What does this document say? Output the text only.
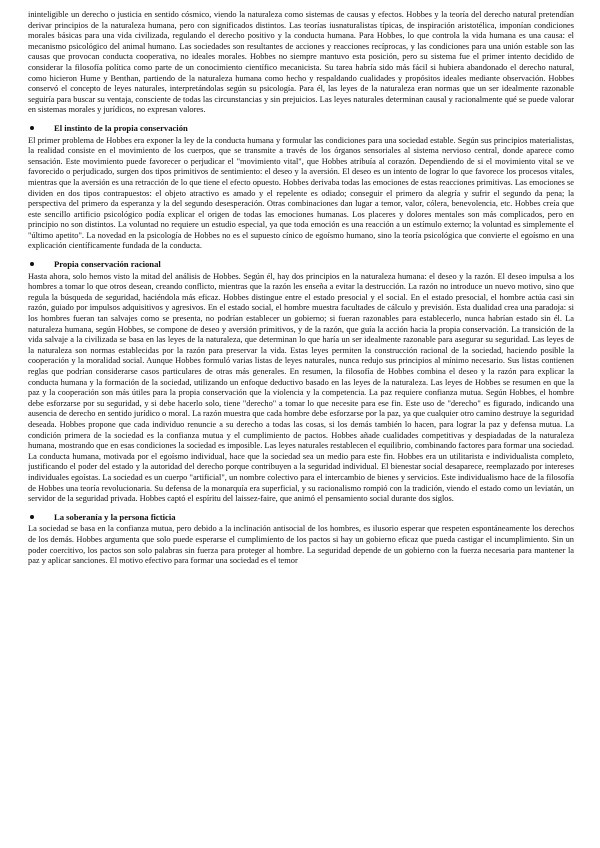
ininteligible un derecho o justicia en sentido cósmico, viendo la naturaleza como sistemas de causas y efectos. Hobbes y la teoría del derecho natural pretendían derivar principios de la naturaleza humana, pero con significados distintos. Las teorías iusnaturalistas típicas, de inspiración aristotélica, imponían condiciones morales básicas para una vida civilizada, regulando el derecho positivo y la conducta humana. Para Hobbes, lo que controla la vida humana es una causa: el mecanismo psicológico del animal humano. Las sociedades son resultantes de acciones y reacciones recíprocas, y las condiciones para una unión estable son las causas que provocan conducta cooperativa, no ideales morales. Hobbes no siempre mantuvo esta posición, pero su sistema fue el primer intento decidido de considerar la filosofía política como parte de un conocimiento científico mecanicista. Su tarea habría sido más fácil si hubiera abandonado el derecho natural, como hicieron Hume y Benthan, partiendo de la naturaleza humana como hecho y respaldando cualidades y propósitos ideales mediante observación. Hobbes conservó el concepto de leyes naturales, interpretándolas según su psicología. Para él, las leyes de la naturaleza eran normas que un ser idealmente razonable seguiría para buscar su ventaja, consciente de todas las circunstancias y sin prejuicios. Las leyes naturales determinan causal y racionalmente qué se puede valorar en sistemas morales y jurídicos, no expresan valores.

El instinto de la propia conservación

El primer problema de Hobbes era exponer la ley de la conducta humana y formular las condiciones para una sociedad estable. Según sus principios materialistas, la realidad consiste en el movimiento de los cuerpos, que se transmite a través de los órganos sensoriales al sistema nervioso central, donde aparece como sensación. Este movimiento puede favorecer o perjudicar el "movimiento vital", que Hobbes atribuía al corazón. Dependiendo de si el movimiento vital se ve favorecido o perjudicado, surgen dos tipos primitivos de sentimiento: el deseo y la aversión. El deseo es un intento de lograr lo que favorece los procesos vitales, mientras que la aversión es una retracción de lo que tiene el efecto opuesto. Hobbes derivaba todas las emociones de estas reacciones primitivas. Las emociones se dividen en dos tipos contrapuestos: el objeto atractivo es amado y el repelente es odiado; conseguir el primero da alegría y sufrir el segundo da pena; la perspectiva del primero da esperanza y la del segundo desesperación. Otras combinaciones dan lugar a temor, valor, cólera, benevolencia, etc. Hobbes creía que este sencillo artificio psicológico podía explicar el origen de todas las emociones humanas. Los placeres y dolores mentales son más complicados, pero en principio no son distintos. La voluntad no requiere un estudio especial, ya que toda emoción es una reacción a un estímulo externo; la voluntad es simplemente el "último apetito". La novedad en la psicología de Hobbes no es el supuesto cínico de egoísmo humano, sino la teoría psicológica que convierte el egoísmo en una explicación científicamente fundada de la conducta.

Propia conservación racional

Hasta ahora, solo hemos visto la mitad del análisis de Hobbes. Según él, hay dos principios en la naturaleza humana: el deseo y la razón. El deseo impulsa a los hombres a tomar lo que otros desean, creando conflicto, mientras que la razón les enseña a evitar la destrucción. La razón no introduce un nuevo motivo, sino que regula la búsqueda de seguridad, haciéndola más eficaz. Hobbes distingue entre el estado presocial y el social. En el estado presocial, el hombre actúa casi sin razón, guiado por impulsos adquisitivos y agresivos. En el estado social, el hombre muestra facultades de cálculo y previsión. Esta dualidad crea una paradoja: si los hombres fueran tan salvajes como se presenta, no podrían establecer un gobierno; si fueran razonables para establecerlo, nunca habrían estado sin él. La naturaleza humana, según Hobbes, se compone de deseo y aversión primitivos, y de la razón, que guía la acción hacia la propia conservación. La transición de la vida salvaje a la civilizada se basa en las leyes de la naturaleza, que determinan lo que haría un ser idealmente razonable para asegurar su seguridad. Las leyes de la naturaleza son normas establecidas por la razón para preservar la vida. Estas leyes permiten la construcción racional de la sociedad, haciendo posible la cooperación y la moralidad social. Aunque Hobbes formuló varias listas de leyes naturales, nunca redujo sus principios al mínimo necesario. Sus listas contienen reglas que podrían considerarse casos particulares de otras más generales. En resumen, la filosofía de Hobbes combina el deseo y la razón para explicar la conducta humana y la formación de la sociedad, utilizando un enfoque deductivo basado en las leyes de la naturaleza. Las leyes de Hobbes se resumen en que la paz y la cooperación son más útiles para la propia conservación que la violencia y la competencia. La paz requiere confianza mutua. Según Hobbes, el hombre debe esforzarse por su seguridad, y si debe hacerlo solo, tiene "derecho" a tomar lo que necesite para ese fin. Este uso de "derecho" es figurado, indicando una ausencia de derecho en sentido jurídico o moral. La razón muestra que cada hombre debe esforzarse por la paz, ya que cualquier otro camino destruye la seguridad deseada. Hobbes propone que cada individuo renuncie a su derecho a todas las cosas, si los demás también lo hacen, para lograr la paz y defensa mutua. La condición primera de la sociedad es la confianza mutua y el cumplimiento de pactos. Hobbes añade cualidades competitivas y despiadadas de la naturaleza humana, mostrando que en esas condiciones la sociedad es imposible. Las leyes naturales restablecen el equilibrio, combinando factores para formar una sociedad. La conducta humana, motivada por el egoísmo individual, hace que la sociedad sea un medio para este fin. Hobbes era un utilitarista e individualista completo, justificando el poder del estado y la autoridad del derecho porque contribuyen a la seguridad individual. El bienestar social desaparece, reemplazado por intereses individuales egoístas. La sociedad es un cuerpo "artificial", un nombre colectivo para el intercambio de bienes y servicios. Este individualismo hace de la filosofía de Hobbes una teoría revolucionaria. Su defensa de la monarquía era superficial, y su racionalismo rompió con la tradición, viendo el estado como un leviatán, un servidor de la seguridad privada. Hobbes captó el espíritu del laissez-faire, que animó el pensamiento social durante dos siglos.

La soberanía y la persona ficticia

La sociedad se basa en la confianza mutua, pero debido a la inclinación antisocial de los hombres, es ilusorio esperar que respeten espontáneamente los derechos de los demás. Hobbes argumenta que solo puede esperarse el cumplimiento de los pactos si hay un gobierno eficaz que pueda castigar el incumplimiento. Sin un poder coercitivo, los pactos son solo palabras sin fuerza para proteger al hombre. La seguridad depende de un gobierno con la fuerza necesaria para mantener la paz y aplicar sanciones. El motivo efectivo para formar una sociedad es el temor
